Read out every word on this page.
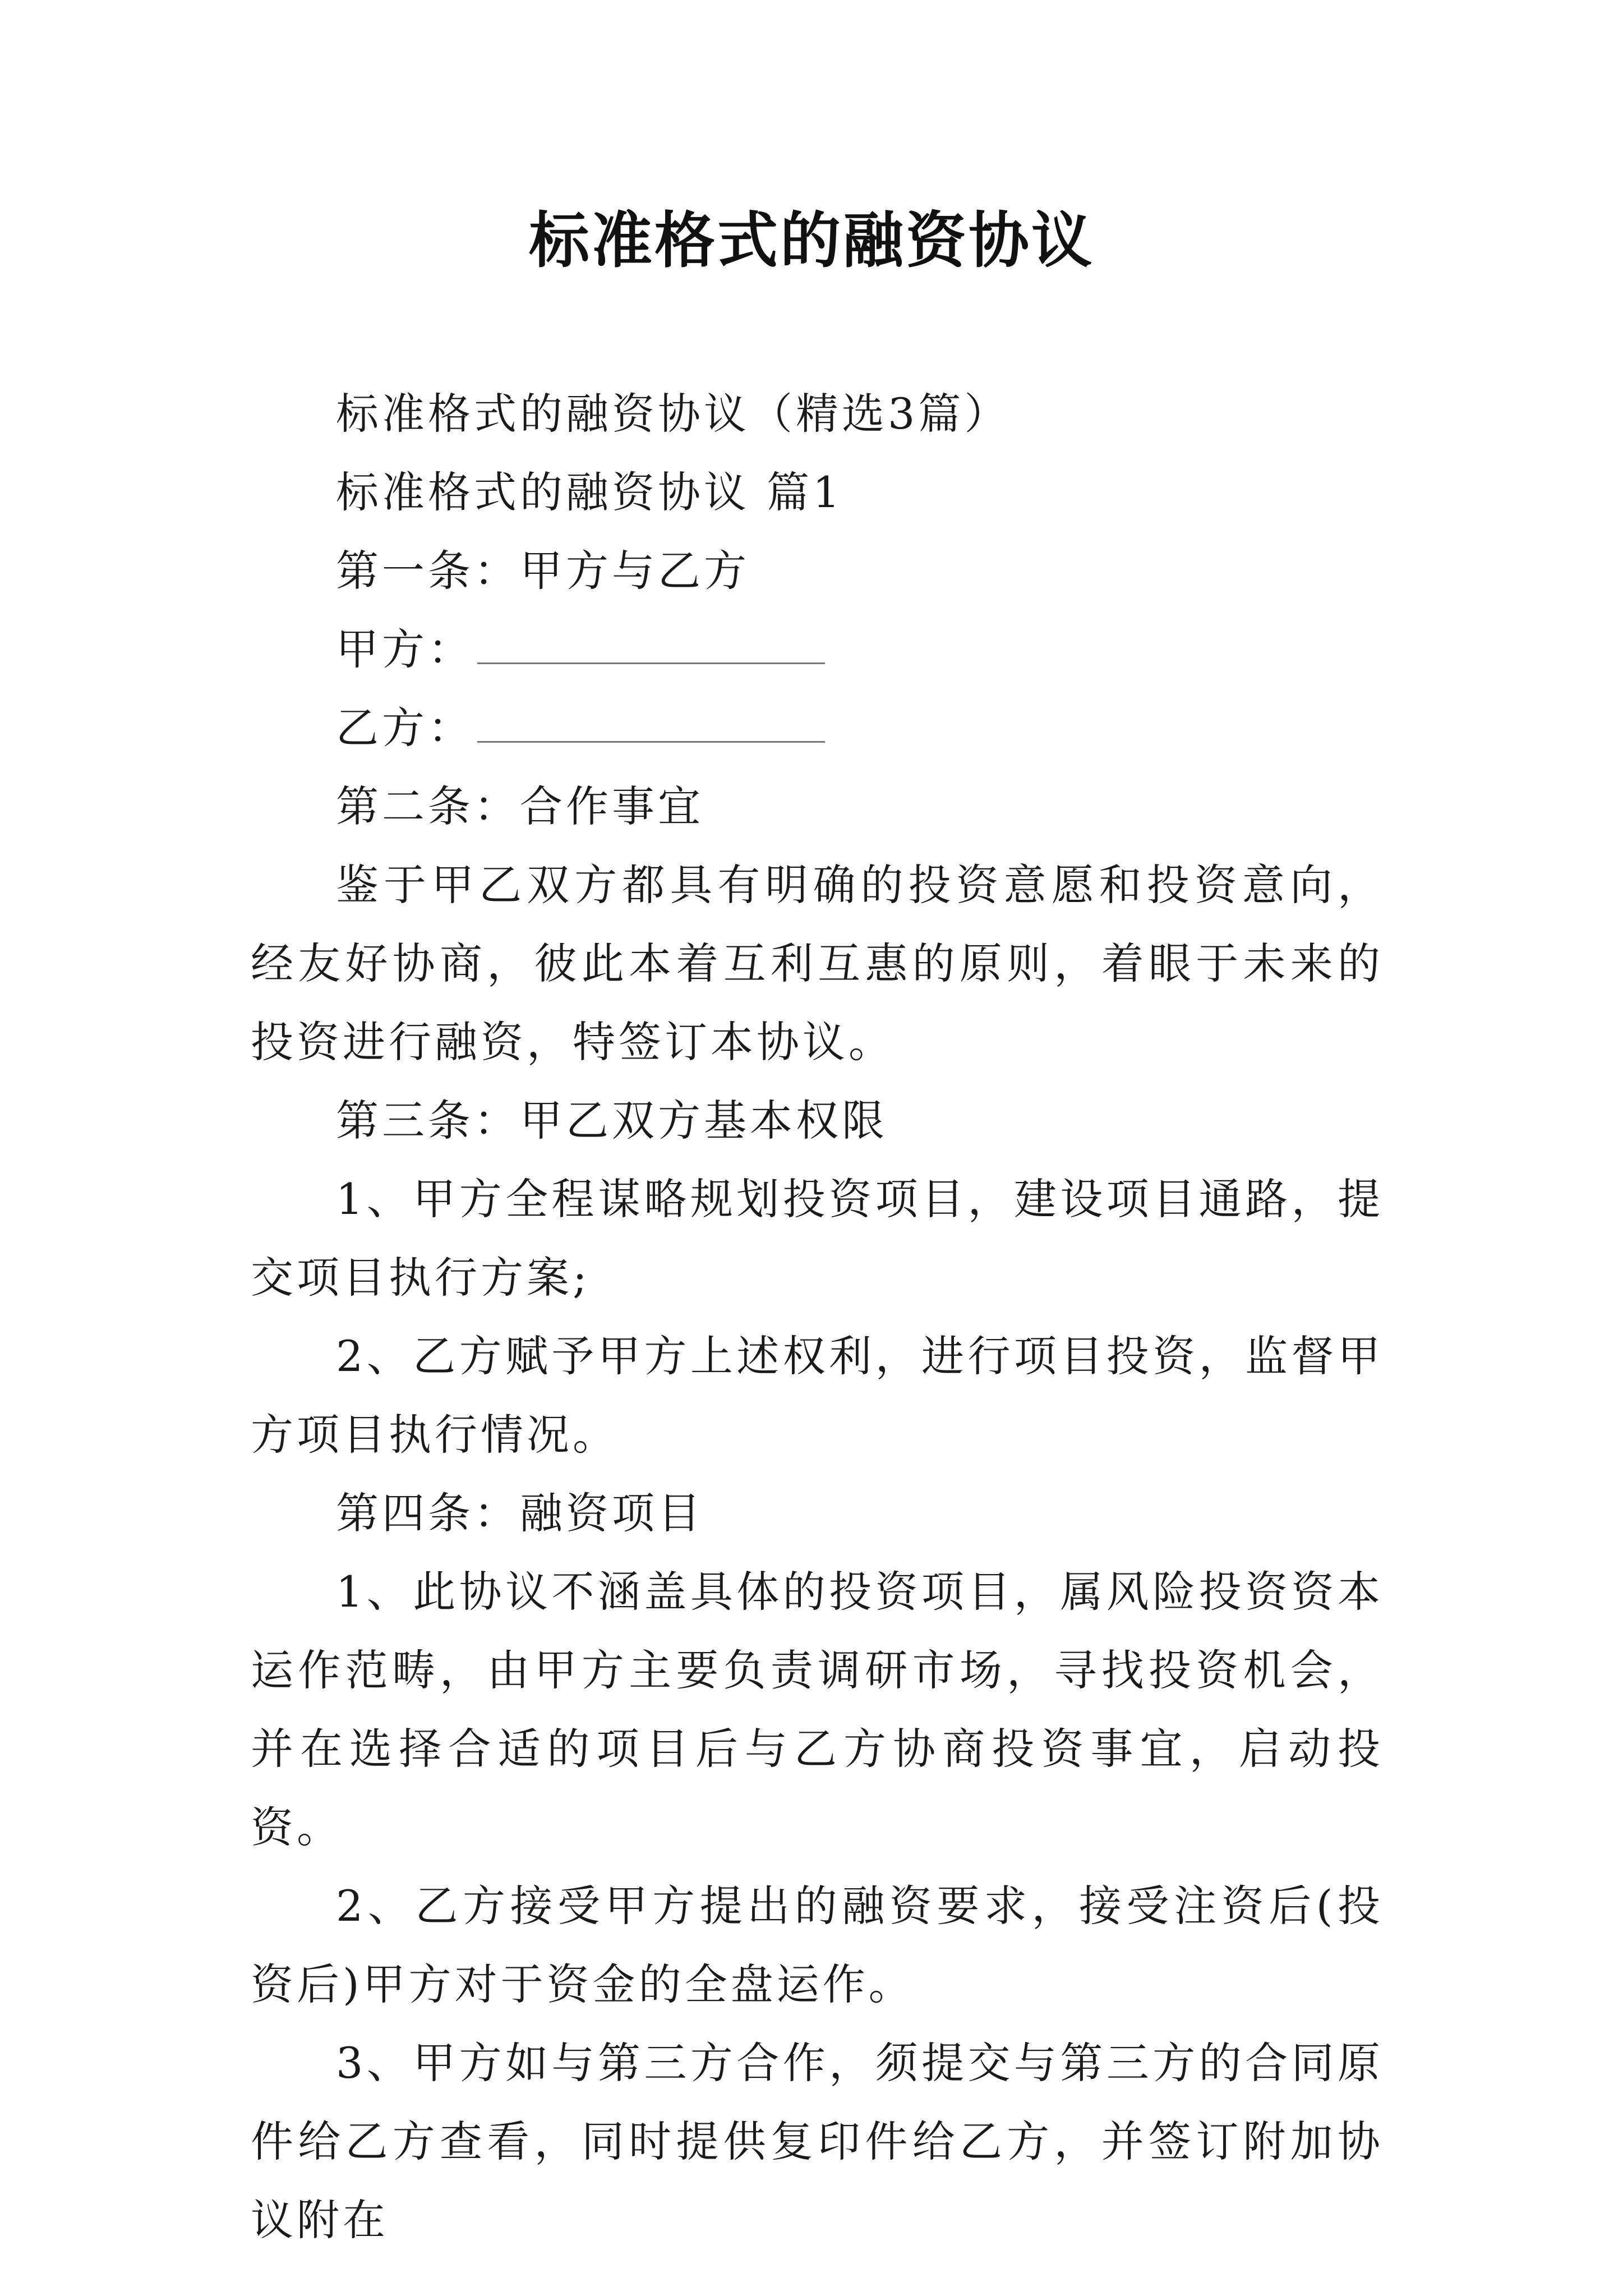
标准格式的融资协议

标准格式的融资协议（精选3篇）

标准格式的融资协议 篇1

第一条：甲方与乙方

甲方：

乙方：

第二条：合作事宜

鉴于甲乙双方都具有明确的投资意愿和投资意向，经友好协商，彼此本着互利互惠的原则，着眼于未来的投资进行融资，特签订本协议。

第三条：甲乙双方基本权限

1、甲方全程谋略规划投资项目，建设项目通路，提交项目执行方案;

2、乙方赋予甲方上述权利，进行项目投资，监督甲方项目执行情况。

第四条：融资项目

1、此协议不涵盖具体的投资项目，属风险投资资本运作范畴，由甲方主要负责调研市场，寻找投资机会，并在选择合适的项目后与乙方协商投资事宜，启动投资。

2、乙方接受甲方提出的融资要求，接受注资后(投资后)甲方对于资金的全盘运作。

3、甲方如与第三方合作，须提交与第三方的合同原件给乙方查看，同时提供复印件给乙方，并签订附加协议附在
